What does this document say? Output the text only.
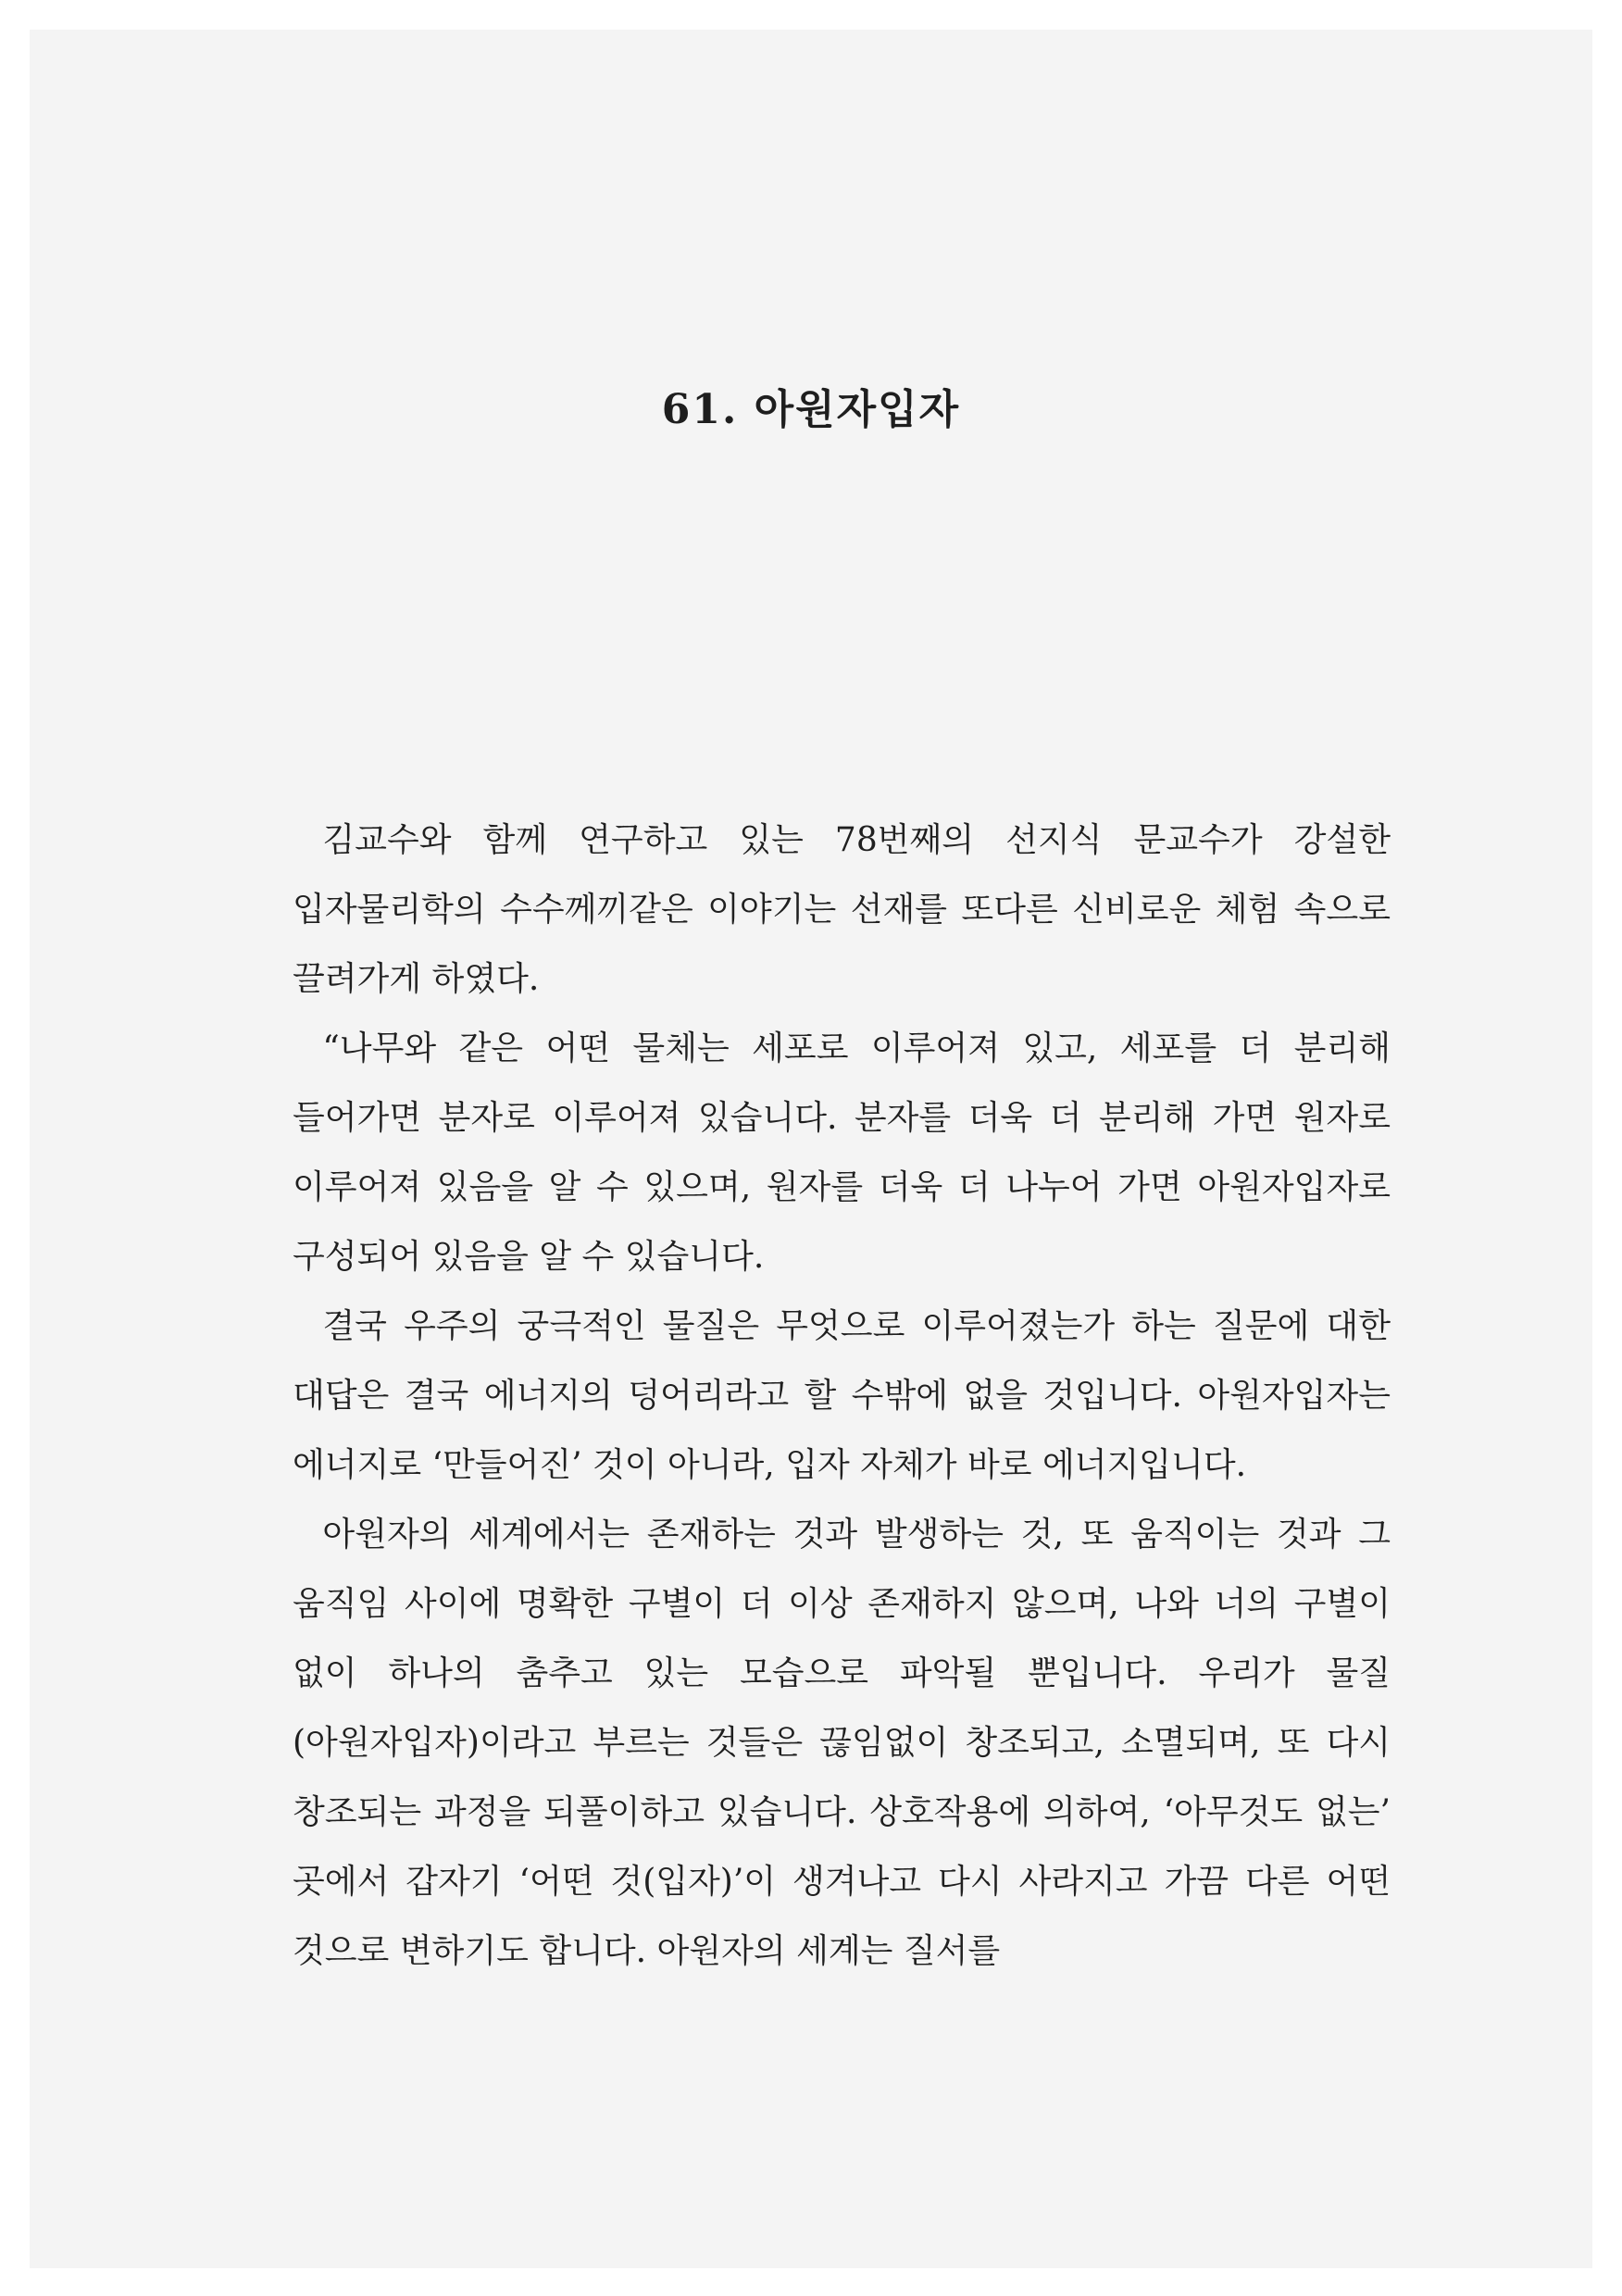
61. 아원자입자

김교수와 함께 연구하고 있는 78번째의 선지식 문교수가 강설한 입자물리학의 수수께끼같은 이야기는 선재를 또다른 신비로운 체험 속으로 끌려가게 하였다.

“나무와 같은 어떤 물체는 세포로 이루어져 있고, 세포를 더 분리해 들어가면 분자로 이루어져 있습니다. 분자를 더욱 더 분리해 가면 원자로 이루어져 있음을 알 수 있으며, 원자를 더욱 더 나누어 가면 아원자입자로 구성되어 있음을 알 수 있습니다.

결국 우주의 궁극적인 물질은 무엇으로 이루어졌는가 하는 질문에 대한 대답은 결국 에너지의 덩어리라고 할 수밖에 없을 것입니다. 아원자입자는 에너지로 ‘만들어진’ 것이 아니라, 입자 자체가 바로 에너지입니다.

아원자의 세계에서는 존재하는 것과 발생하는 것, 또 움직이는 것과 그 움직임 사이에 명확한 구별이 더 이상 존재하지 않으며, 나와 너의 구별이 없이 하나의 춤추고 있는 모습으로 파악될 뿐입니다. 우리가 물질(아원자입자)이라고 부르는 것들은 끊임없이 창조되고, 소멸되며, 또 다시 창조되는 과정을 되풀이하고 있습니다. 상호작용에 의하여, ‘아무것도 없는’ 곳에서 갑자기 ‘어떤 것(입자)’이 생겨나고 다시 사라지고 가끔 다른 어떤 것으로 변하기도 합니다. 아원자의 세계는 질서를
